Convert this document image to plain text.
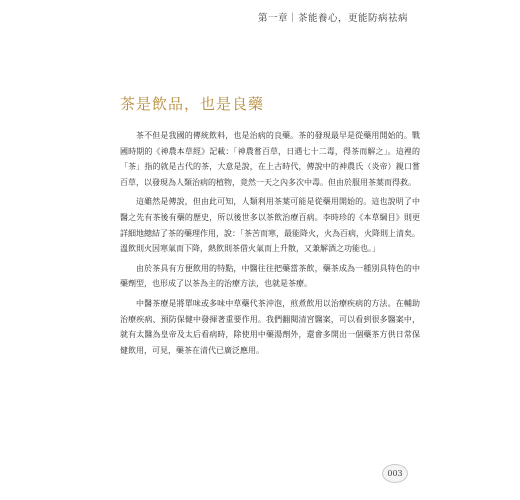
第一章｜茶能養心，更能防病祛病
茶是飲品，也是良藥

茶不但是我國的傳統飲料，也是治病的良藥。茶的發現最早是從藥用開始的。戰國時期的《神農本草經》記載：「神農嘗百草，日遇七十二毒，得茶而解之」。這裡的「茶」指的就是古代的茶，大意是說，在上古時代，傳說中的神農氏（炎帝）親口嘗百草，以發現為人類治病的植物，竟然一天之內多次中毒。但由於服用茶葉而得救。

這雖然是傳說，但由此可知，人類利用茶葉可能是從藥用開始的。這也說明了中醫之先有茶後有藥的歷史，所以後世多以茶飲治療百病。李時珍的《本草綱目》則更詳細地總結了茶的藥理作用，說：「茶苦而寒，最能降火，火為百病，火降則上清矣。溫飲則火因寒氣而下降，熱飲則茶借火氣而上升散，又兼解酒之功能也。」

由於茶具有方便飲用的特點，中醫往往把藥當茶飲，藥茶成為一種別具特色的中藥劑型，也形成了以茶為主的治療方法，也就是茶療。

中醫茶療是將單味或多味中草藥代茶沖泡，煎煮飲用以治療疾病的方法。在輔助治療疾病、預防保健中發揮著重要作用。我們翻閱清宮醫案，可以看到很多醫案中，就有太醫為皇帝及太后看病時，除使用中藥湯劑外，還會多開出一個藥茶方供日常保健飲用，可見，藥茶在清代已廣泛應用。

003
